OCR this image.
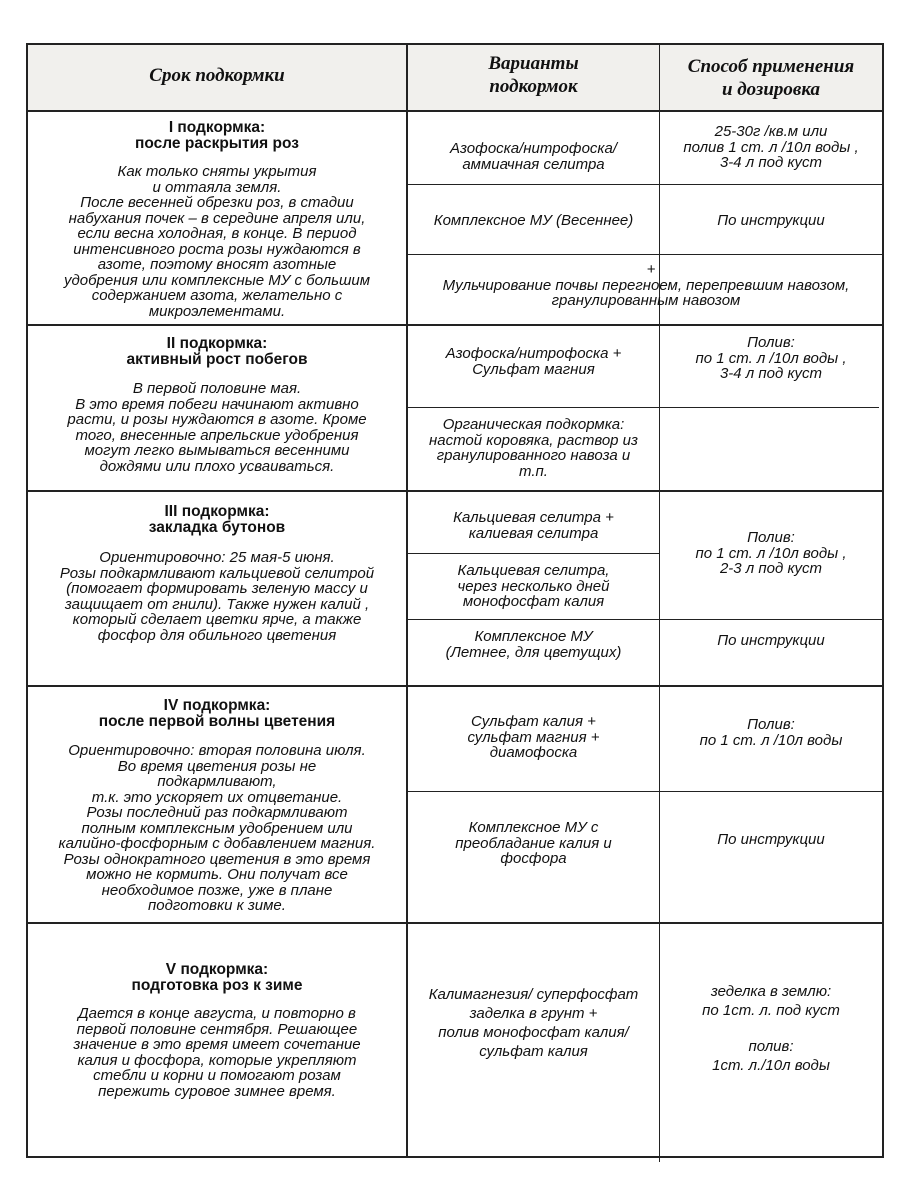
Срок подкормки
Варианты
подкормок
Способ применения
и дозировка
I подкормка:
после раскрытия роз
Как только сняты укрытия
и оттаяла земля.
После весенней обрезки роз, в стадии
набухания почек – в середине апреля или,
если весна холодная, в конце. В период
интенсивного роста розы нуждаются в
азоте, поэтому вносят азотные
удобрения или комплексные МУ с большим
содержанием азота, желательно с
микроэлементами.
Азофоска/нитрофоска/
аммиачная селитра
25-30г /кв.м или
полив 1 ст. л /10л воды ,
3-4 л под куст
Комплексное МУ (Весеннее)	По инструкции
+
Мульчирование почвы перегноем, перепревшим навозом,
гранулированным навозом
II подкормка:
активный рост побегов
В первой половине мая.
В это время побеги начинают активно
расти, и розы нуждаются в азоте. Кроме
того, внесенные апрельские удобрения
могут легко вымываться весенними
дождями или плохо усваиваться.
Азофоска/нитрофоска +
Сульфат магния
Полив:
по 1 ст. л /10л воды ,
3-4 л под куст
Органическая подкормка:
настой коровяка, раствор из
гранулированного навоза и
т.п.
III подкормка:
закладка бутонов
Ориентировочно: 25 мая-5 июня.
Розы подкармливают кальциевой селитрой
(помогает формировать зеленую массу и
защищает от гнили). Также нужен калий ,
который сделает цветки ярче, а также
фосфор для обильного цветения
Кальциевая селитра +
калиевая селитра	Полив:
по 1 ст. л /10л воды ,
2-3 л под куст
Кальциевая селитра,
через несколько дней
монофосфат калия
Комплексное МУ
(Летнее, для цветущих)
По инструкции
IV подкормка:
после первой волны цветения
Ориентировочно: вторая половина июля.
Во время цветения розы не
подкармливают,
т.к. это ускоряет их отцветание.
Розы последний раз подкармливают
полным комплексным удобрением или
калийно-фосфорным с добавлением магния.
Розы однократного цветения в это время
можно не кормить. Они получат все
необходимое позже, уже в плане
подготовки к зиме.
Сульфат калия +
сульфат магния +
диамофоска
Полив:
по 1 ст. л /10л воды
Комплексное МУ с
преобладание калия и
фосфора
По инструкции
V подкормка:
подготовка роз к зиме
Дается в конце августа, и повторно в
первой половине сентября. Решающее
значение в это время имеет сочетание
калия и фосфора, которые укрепляют
стебли и корни и помогают розам
пережить суровое зимнее время.
Калимагнезия/ суперфосфат
заделка в грунт +
полив монофосфат калия/
сульфат калия
зеделка в землю:
по 1ст. л. под куст
полив:
1ст. л./10л воды
